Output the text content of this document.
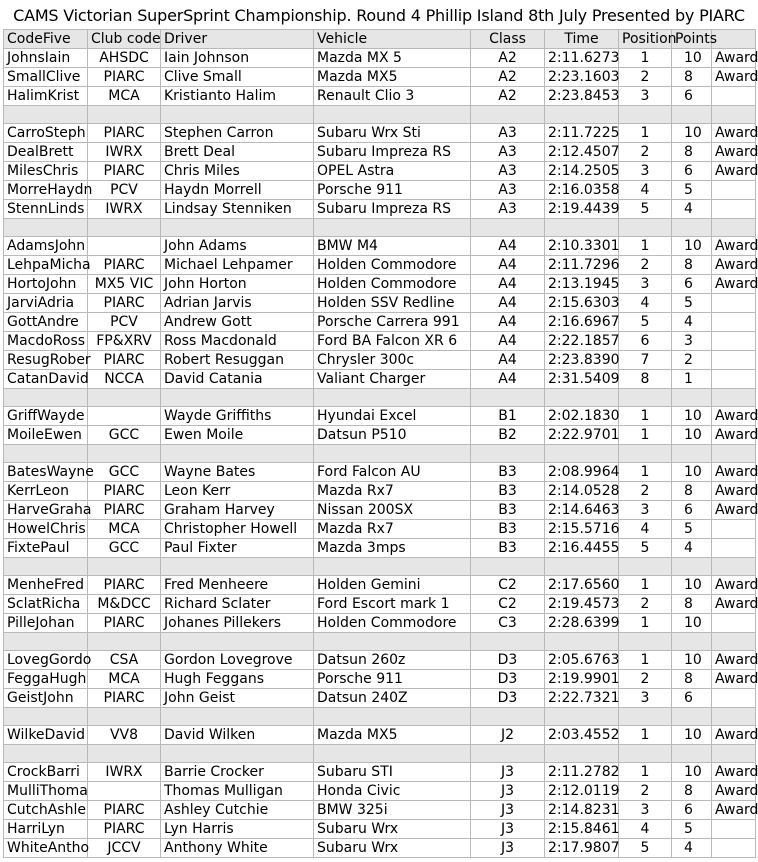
CAMS Victorian SuperSprint Championship. Round 4 Phillip Island 8th July Presented by PIARC
CodeFive	Club code	Driver	Vehicle	Class	Time	Position	Points	
JohnsIain	AHSDC	Iain Johnson	Mazda MX 5	A2	2:11.6273	1	10	Award
SmallClive	PIARC	Clive Small	Mazda MX5	A2	2:23.1603	2	8	Award
HalimKrist	MCA	Kristianto Halim	Renault Clio 3	A2	2:23.8453	3	6	

CarroSteph	PIARC	Stephen Carron	Subaru Wrx Sti	A3	2:11.7225	1	10	Award
DealBrett	IWRX	Brett Deal	Subaru Impreza RS	A3	2:12.4507	2	8	Award
MilesChris	PIARC	Chris Miles	OPEL Astra	A3	2:14.2505	3	6	Award
MorreHaydn	PCV	Haydn Morrell	Porsche 911	A3	2:16.0358	4	5	
StennLinds	IWRX	Lindsay Stenniken	Subaru Impreza RS	A3	2:19.4439	5	4	

AdamsJohn		John Adams	BMW M4	A4	2:10.3301	1	10	Award
LehpaMicha	PIARC	Michael Lehpamer	Holden Commodore	A4	2:11.7296	2	8	Award
HortoJohn	MX5 VIC	John Horton	Holden Commodore	A4	2:13.1945	3	6	Award
JarviAdria	PIARC	Adrian Jarvis	Holden SSV Redline	A4	2:15.6303	4	5	
GottAndre	PCV	Andrew Gott	Porsche Carrera 991	A4	2:16.6967	5	4	
MacdoRoss	FP&XRV	Ross Macdonald	Ford BA Falcon XR 6	A4	2:22.1857	6	3	
ResugRober	PIARC	Robert Resuggan	Chrysler 300c	A4	2:23.8390	7	2	
CatanDavid	NCCA	David Catania	Valiant Charger	A4	2:31.5409	8	1	

GriffWayde		Wayde Griffiths	Hyundai Excel	B1	2:02.1830	1	10	Award
MoileEwen	GCC	Ewen Moile	Datsun P510	B2	2:22.9701	1	10	Award

BatesWayne	GCC	Wayne Bates	Ford Falcon AU	B3	2:08.9964	1	10	Award
KerrLeon	PIARC	Leon Kerr	Mazda Rx7	B3	2:14.0528	2	8	Award
HarveGraha	PIARC	Graham Harvey	Nissan 200SX	B3	2:14.6463	3	6	Award
HowelChris	MCA	Christopher Howell	Mazda Rx7	B3	2:15.5716	4	5	
FixtePaul	GCC	Paul Fixter	Mazda 3mps	B3	2:16.4455	5	4	

MenheFred	PIARC	Fred Menheere	Holden Gemini	C2	2:17.6560	1	10	Award
SclatRicha	M&DCC	Richard Sclater	Ford Escort mark 1	C2	2:19.4573	2	8	Award
PilleJohan	PIARC	Johanes Pillekers	Holden Commodore	C3	2:28.6399	1	10	

LovegGordo	CSA	Gordon Lovegrove	Datsun 260z	D3	2:05.6763	1	10	Award
FeggaHugh	MCA	Hugh Feggans	Porsche 911	D3	2:19.9901	2	8	Award
GeistJohn	PIARC	John Geist	Datsun 240Z	D3	2:22.7321	3	6	

WilkeDavid	VV8	David Wilken	Mazda MX5	J2	2:03.4552	1	10	Award

CrockBarri	IWRX	Barrie Crocker	Subaru STI	J3	2:11.2782	1	10	Award
MulliThoma		Thomas Mulligan	Honda Civic	J3	2:12.0119	2	8	Award
CutchAshle	PIARC	Ashley Cutchie	BMW 325i	J3	2:14.8231	3	6	Award
HarriLyn	PIARC	Lyn Harris	Subaru Wrx	J3	2:15.8461	4	5	
WhiteAntho	JCCV	Anthony White	Subaru Wrx	J3	2:17.9807	5	4	
